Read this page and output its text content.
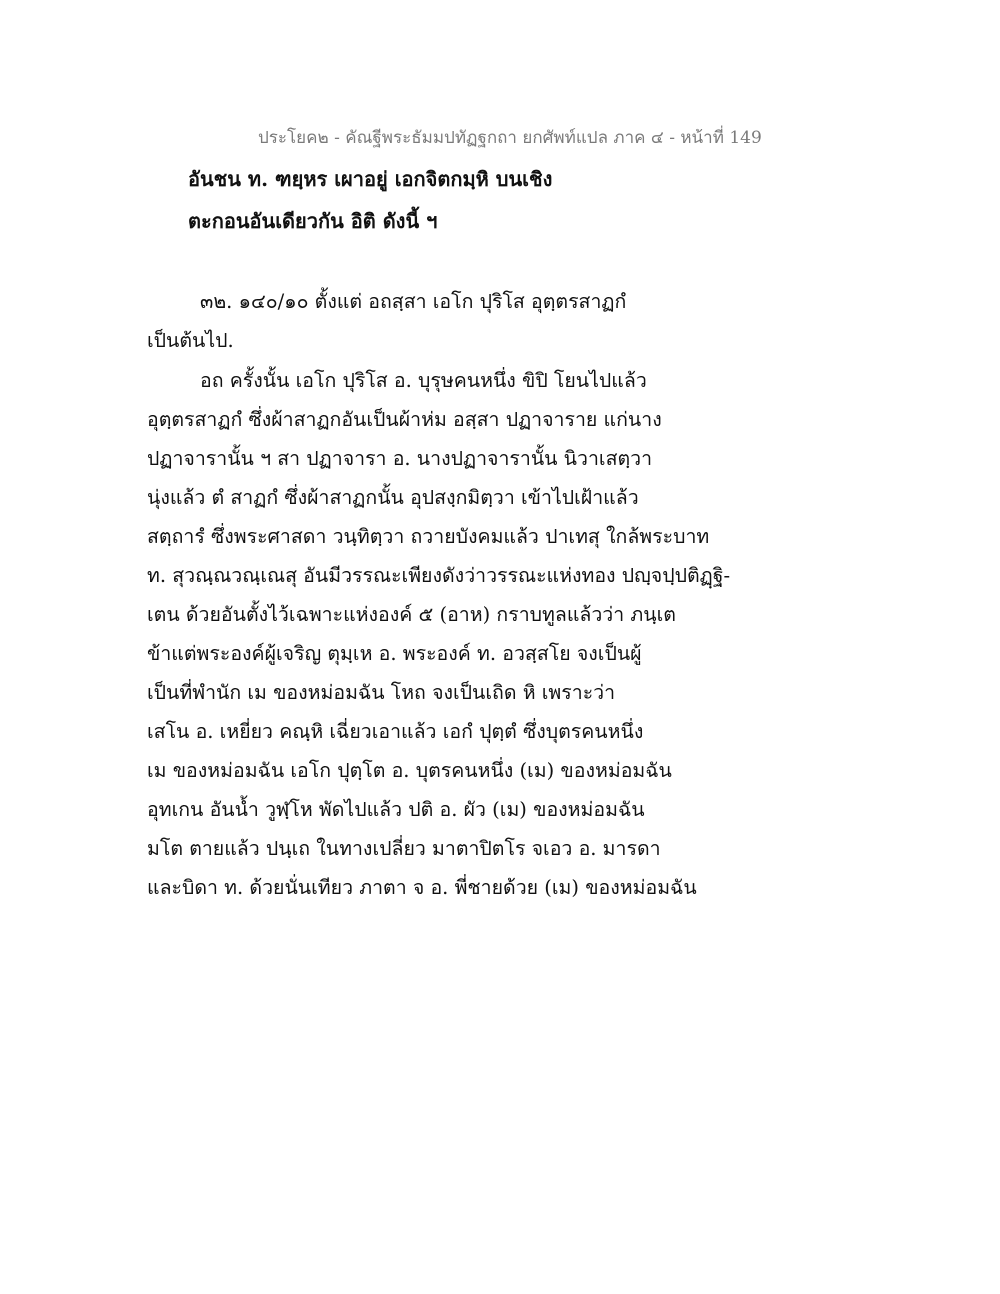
ประโยค๒ - คัณฐีพระธัมมปทัฏฐกถา ยกศัพท์แปล ภาค ๔ - หน้าที่ 149
อันชน ท. ฑยฺหร เผาอยู่ เอกจิตกมฺหิ บนเชิง
ตะกอนอันเดียวกัน อิติ ดังนี้ ฯ
๓๒. ๑๔๐/๑๐ ตั้งแต่ อถสฺสา เอโก ปุริโส อุตฺตรสาฏกํ
เป็นต้นไป.
อถ ครั้งนั้น เอโก ปุริโส อ. บุรุษคนหนึ่ง ขิปิ โยนไปแล้ว
อุตฺตรสาฏกํ ซึ่งผ้าสาฏกอันเป็นผ้าห่ม อสฺสา ปฏาจาราย แก่นาง
ปฏาจารานั้น ฯ สา ปฏาจารา อ. นางปฏาจารานั้น นิวาเสตฺวา
นุ่งแล้ว ตํ สาฏกํ ซึ่งผ้าสาฏกนั้น อุปสงฺกมิตฺวา เข้าไปเฝ้าแล้ว
สตฺถารํ ซึ่งพระศาสดา วนฺทิตฺวา ถวายบังคมแล้ว ปาเทสุ ใกล้พระบาท
ท. สุวณฺณวณฺเณสุ อันมีวรรณะเพียงดังว่าวรรณะแห่งทอง ปญฺจปฺปติฏฺฐิ-
เตน ด้วยอันตั้งไว้เฉพาะแห่งองค์ ๕ (อาห) กราบทูลแล้วว่า ภนฺเต
ข้าแต่พระองค์ผู้เจริญ ตุมฺเห อ. พระองค์ ท. อวสฺสโย จงเป็นผู้
เป็นที่พำนัก เม ของหม่อมฉัน โหถ จงเป็นเถิด หิ เพราะว่า
เสโน อ. เหยี่ยว คณฺหิ เฉี่ยวเอาแล้ว เอกํ ปุตฺตํ ซึ่งบุตรคนหนึ่ง
เม ของหม่อมฉัน เอโก ปุตฺโต อ. บุตรคนหนึ่ง (เม) ของหม่อมฉัน
อุทเกน อันน้ำ วูฬฺโห พัดไปแล้ว ปติ อ. ผัว (เม) ของหม่อมฉัน
มโต ตายแล้ว ปนฺเถ ในทางเปลี่ยว มาตาปิตโร จเอว อ. มารดา
และบิดา ท. ด้วยนั่นเทียว ภาตา จ อ. พี่ชายด้วย (เม) ของหม่อมฉัน
